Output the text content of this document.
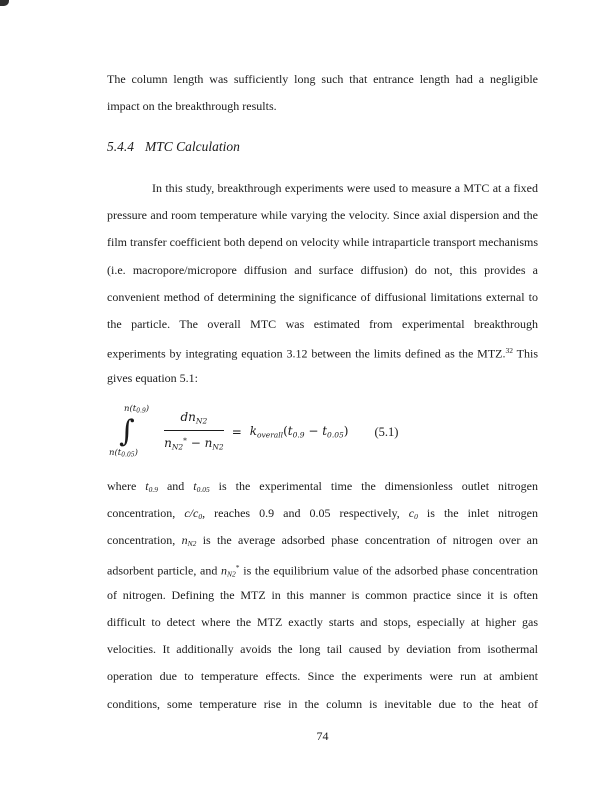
The column length was sufficiently long such that entrance length had a negligible
impact on the breakthrough results.
5.4.4 MTC Calculation
In this study, breakthrough experiments were used to measure a MTC at a fixed
pressure and room temperature while varying the velocity. Since axial dispersion and the
film transfer coefficient both depend on velocity while intraparticle transport mechanisms
(i.e. macropore/micropore diffusion and surface diffusion) do not, this provides a
convenient method of determining the significance of diffusional limitations external to
the particle. The overall MTC was estimated from experimental breakthrough
experiments by integrating equation 3.12 between the limits defined as the MTZ.$^{32}$ This
gives equation 5.1:
n(t0.9)
∫
$n(t0.05) \frac{dn_{N2}}{n_{N2}^* - n_{N2}} = k_{overall}(t_{0.9} - t_{0.05})$ (5.1)
where $t_{0.9}$ and $t_{0.05}$ is the experimental time the dimensionless outlet nitrogen
concentration, $c/c_0$, reaches 0.9 and 0.05 respectively, $c_0$ is the inlet nitrogen
concentration, $n_{N2}$ is the average adsorbed phase concentration of nitrogen over an
adsorbent particle, and $n_{N2}^*$ is the equilibrium value of the adsorbed phase concentration
of nitrogen. Defining the MTZ in this manner is common practice since it is often
difficult to detect where the MTZ exactly starts and stops, especially at higher gas
velocities. It additionally avoids the long tail caused by deviation from isothermal
operation due to temperature effects. Since the experiments were run at ambient
conditions, some temperature rise in the column is inevitable due to the heat of
74
